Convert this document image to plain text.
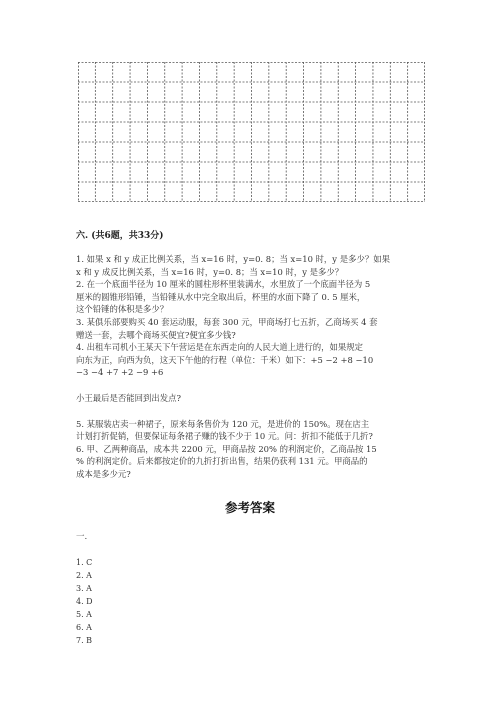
六. (共6题，共33分)
1. 如果 x 和 y 成正比例关系，当 x=16 时，y=0. 8；当 x=10 时，y 是多少？如果
x 和 y 成反比例关系，当 x=16 时，y=0. 8；当 x=10 时，y 是多少？
2. 在一个底面半径为 10 厘米的圆柱形杯里装满水，水里放了一个底面半径为 5
厘米的圆锥形铅锤，当铅锤从水中完全取出后，杯里的水面下降了 0. 5 厘米，
这个铅锤的体积是多少？
3. 某俱乐部要购买 40 套运动服，每套 300 元，甲商场打七五折，乙商场买 4 套
赠送一套，去哪个商场买便宜?便宜多少钱?
4. 出租车司机小王某天下午营运是在东西走向的人民大道上进行的，如果规定
向东为正，向西为负，这天下午他的行程（单位：千米）如下：+5 −2 +8 −10
−3 −4 +7 +2 −9 +6
小王最后是否能回到出发点?
5. 某服装店卖一种裙子，原来每条售价为 120 元，是进价的 150%。现在店主
计划打折促销，但要保证每条裙子赚的钱不少于 10 元。问：折扣不能低于几折?
6. 甲、乙两种商品，成本共 2200 元，甲商品按 20% 的利润定价，乙商品按 15
% 的利润定价。后来都按定价的九折打折出售，结果仍获利 131 元。甲商品的
成本是多少元?
参考答案
一.
1. C
2. A
3. A
4. D
5. A
6. A
7. B
